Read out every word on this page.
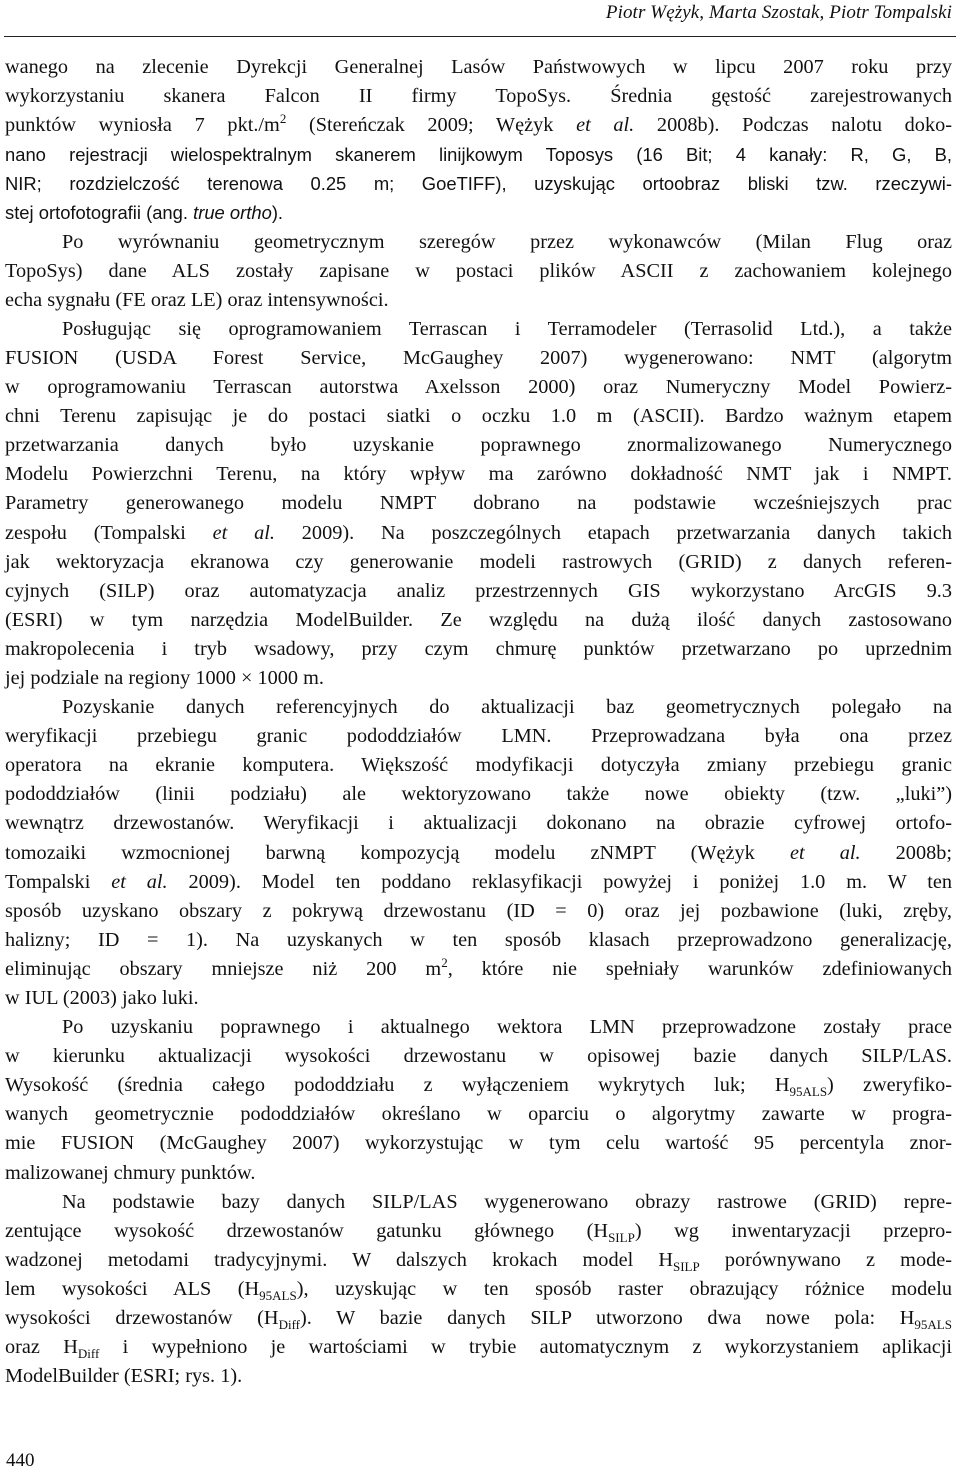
Piotr Wężyk, Marta Szostak, Piotr Tompalski
wanego na zlecenie Dyrekcji Generalnej Lasów Państwowych w lipcu 2007 roku przy
wykorzystaniu skanera Falcon II firmy TopoSys. Średnia gęstość zarejestrowanych
punktów wyniosła 7 $pkt./m^2$ (Stereńczak 2009; Wężyk et al. 2008b). Podczas nalotu doko-
nano rejestracji wielospektralnym skanerem linijkowym Toposys (16 Bit; 4 kanały: R, G, B,
NIR; rozdzielczość terenowa 0.25 m; GoeTIFF), uzyskując ortoobraz bliski tzw. rzeczywi-
stej ortofotografii (ang. true ortho).
Po wyrównaniu geometrycznym szeregów przez wykonawców (Milan Flug oraz
TopoSys) dane ALS zostały zapisane w postaci plików ASCII z zachowaniem kolejnego
echa sygnału (FE oraz LE) oraz intensywności.
Posługując się oprogramowaniem Terrascan i Terramodeler (Terrasolid Ltd.), a także
FUSION (USDA Forest Service, McGaughey 2007) wygenerowano: NMT (algorytm
w oprogramowaniu Terrascan autorstwa Axelsson 2000) oraz Numeryczny Model Powierz-
chni Terenu zapisując je do postaci siatki o oczku 1.0 m (ASCII). Bardzo ważnym etapem
przetwarzania danych było uzyskanie poprawnego znormalizowanego Numerycznego
Modelu Powierzchni Terenu, na który wpływ ma zarówno dokładność NMT jak i NMPT.
Parametry generowanego modelu NMPT dobrano na podstawie wcześniejszych prac
zespołu (Tompalski et al. 2009). Na poszczególnych etapach przetwarzania danych takich
jak wektoryzacja ekranowa czy generowanie modeli rastrowych (GRID) z danych referen-
cyjnych (SILP) oraz automatyzacja analiz przestrzennych GIS wykorzystano ArcGIS 9.3
(ESRI) w tym narzędzia ModelBuilder. Ze względu na dużą ilość danych zastosowano
makropolecenia i tryb wsadowy, przy czym chmurę punktów przetwarzano po uprzednim
jej podziale na regiony 1000 × 1000 m.
Pozyskanie danych referencyjnych do aktualizacji baz geometrycznych polegało na
weryfikacji przebiegu granic pododdziałów LMN. Przeprowadzana była ona przez
operatora na ekranie komputera. Większość modyfikacji dotyczyła zmiany przebiegu granic
pododdziałów (linii podziału) ale wektoryzowano także nowe obiekty (tzw. „luki”)
wewnątrz drzewostanów. Weryfikacji i aktualizacji dokonano na obrazie cyfrowej ortofo-
tomozaiki wzmocnionej barwną kompozycją modelu zNMPT (Wężyk et al. 2008b;
Tompalski et al. 2009). Model ten poddano reklasyfikacji powyżej i poniżej 1.0 m. W ten
sposób uzyskano obszary z pokrywą drzewostanu (ID = 0) oraz jej pozbawione (luki, zręby,
halizny; ID = 1). Na uzyskanych w ten sposób klasach przeprowadzono generalizację,
eliminując obszary mniejsze niż 200 $m^2$, które nie spełniały warunków zdefiniowanych
w IUL (2003) jako luki.
Po uzyskaniu poprawnego i aktualnego wektora LMN przeprowadzone zostały prace
w kierunku aktualizacji wysokości drzewostanu w opisowej bazie danych SILP/LAS.
Wysokość (średnia całego pododdziału z wyłączeniem wykrytych luk; $H_{95ALS}$) zweryfiko-
wanych geometrycznie pododdziałów określano w oparciu o algorytmy zawarte w progra-
mie FUSION (McGaughey 2007) wykorzystując w tym celu wartość 95 percentyla znor-
malizowanej chmury punktów.
Na podstawie bazy danych SILP/LAS wygenerowano obrazy rastrowe (GRID) repre-
zentujące wysokość drzewostanów gatunku głównego $(H_{SILP})$ wg inwentaryzacji przepro-
wadzonej metodami tradycyjnymi. W dalszych krokach model $H_{SILP}$ porównywano z mode-
lem wysokości ALS $(H_{95ALS})$, uzyskując w ten sposób raster obrazujący różnice modelu
wysokości drzewostanów $(H_{Diff})$. W bazie danych SILP utworzono dwa nowe pola: $H_{95ALS}$
oraz $H_{Diff}$ i wypełniono je wartościami w trybie automatycznym z wykorzystaniem aplikacji
ModelBuilder (ESRI; rys. 1).
440
